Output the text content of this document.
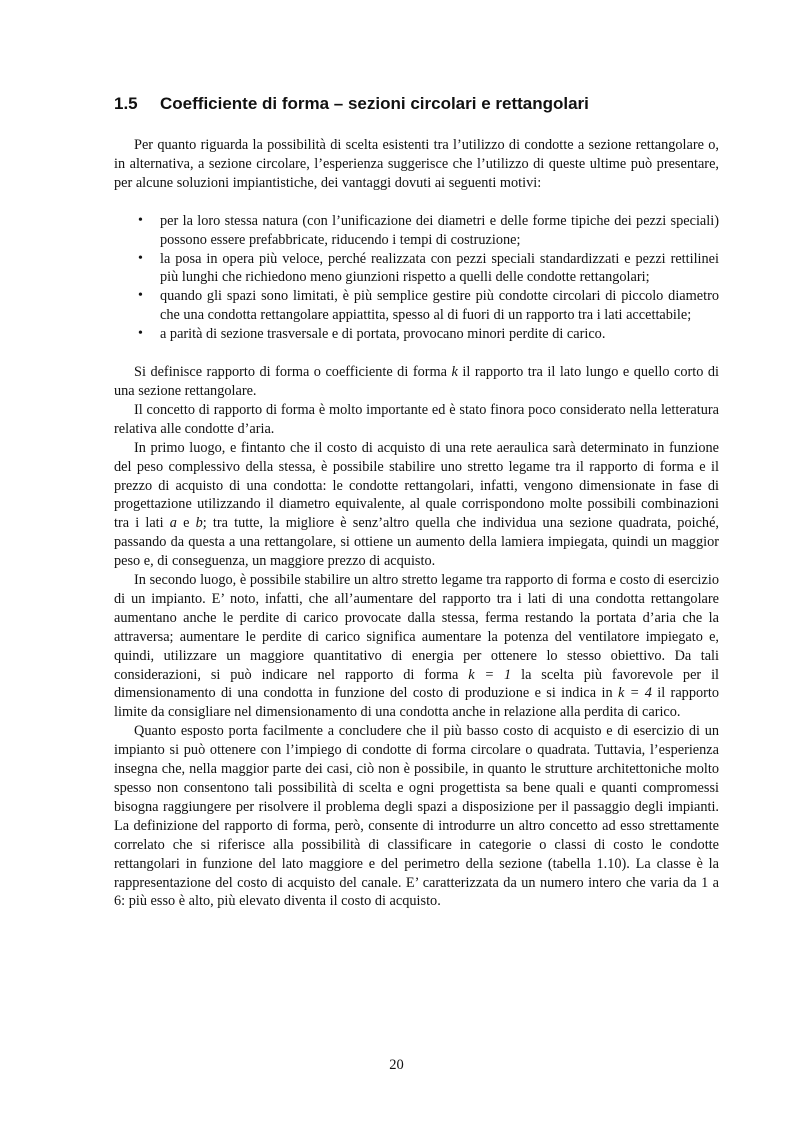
1.5 Coefficiente di forma – sezioni circolari e rettangolari

Per quanto riguarda la possibilità di scelta esistenti tra l’utilizzo di condotte a sezione rettangolare o, in alternativa, a sezione circolare, l’esperienza suggerisce che l’utilizzo di queste ultime può presentare, per alcune soluzioni impiantistiche, dei vantaggi dovuti ai seguenti motivi:

• per la loro stessa natura (con l’unificazione dei diametri e delle forme tipiche dei pezzi speciali) possono essere prefabbricate, riducendo i tempi di costruzione;
• la posa in opera più veloce, perché realizzata con pezzi speciali standardizzati e pezzi rettilinei più lunghi che richiedono meno giunzioni rispetto a quelli delle condotte rettangolari;
• quando gli spazi sono limitati, è più semplice gestire più condotte circolari di piccolo diametro che una condotta rettangolare appiattita, spesso al di fuori di un rapporto tra i lati accettabile;
• a parità di sezione trasversale e di portata, provocano minori perdite di carico.

Si definisce rapporto di forma o coefficiente di forma k il rapporto tra il lato lungo e quello corto di una sezione rettangolare.

Il concetto di rapporto di forma è molto importante ed è stato finora poco considerato nella letteratura relativa alle condotte d’aria.

In primo luogo, e fintanto che il costo di acquisto di una rete aeraulica sarà determinato in funzione del peso complessivo della stessa, è possibile stabilire uno stretto legame tra il rapporto di forma e il prezzo di acquisto di una condotta: le condotte rettangolari, infatti, vengono dimensionate in fase di progettazione utilizzando il diametro equivalente, al quale corrispondono molte possibili combinazioni tra i lati a e b; tra tutte, la migliore è senz’altro quella che individua una sezione quadrata, poiché, passando da questa a una rettangolare, si ottiene un aumento della lamiera impiegata, quindi un maggior peso e, di conseguenza, un maggiore prezzo di acquisto.

In secondo luogo, è possibile stabilire un altro stretto legame tra rapporto di forma e costo di esercizio di un impianto. E’ noto, infatti, che all’aumentare del rapporto tra i lati di una condotta rettangolare aumentano anche le perdite di carico provocate dalla stessa, ferma restando la portata d’aria che la attraversa; aumentare le perdite di carico significa aumentare la potenza del ventilatore impiegato e, quindi, utilizzare un maggiore quantitativo di energia per ottenere lo stesso obiettivo. Da tali considerazioni, si può indicare nel rapporto di forma k = 1 la scelta più favorevole per il dimensionamento di una condotta in funzione del costo di produzione e si indica in k = 4 il rapporto limite da consigliare nel dimensionamento di una condotta anche in relazione alla perdita di carico.

Quanto esposto porta facilmente a concludere che il più basso costo di acquisto e di esercizio di un impianto si può ottenere con l’impiego di condotte di forma circolare o quadrata. Tuttavia, l’esperienza insegna che, nella maggior parte dei casi, ciò non è possibile, in quanto le strutture architettoniche molto spesso non consentono tali possibilità di scelta e ogni progettista sa bene quali e quanti compromessi bisogna raggiungere per risolvere il problema degli spazi a disposizione per il passaggio degli impianti. La definizione del rapporto di forma, però, consente di introdurre un altro concetto ad esso strettamente correlato che si riferisce alla possibilità di classificare in categorie o classi di costo le condotte rettangolari in funzione del lato maggiore e del perimetro della sezione (tabella 1.10). La classe è la rappresentazione del costo di acquisto del canale. E’ caratterizzata da un numero intero che varia da 1 a 6: più esso è alto, più elevato diventa il costo di acquisto.

20
